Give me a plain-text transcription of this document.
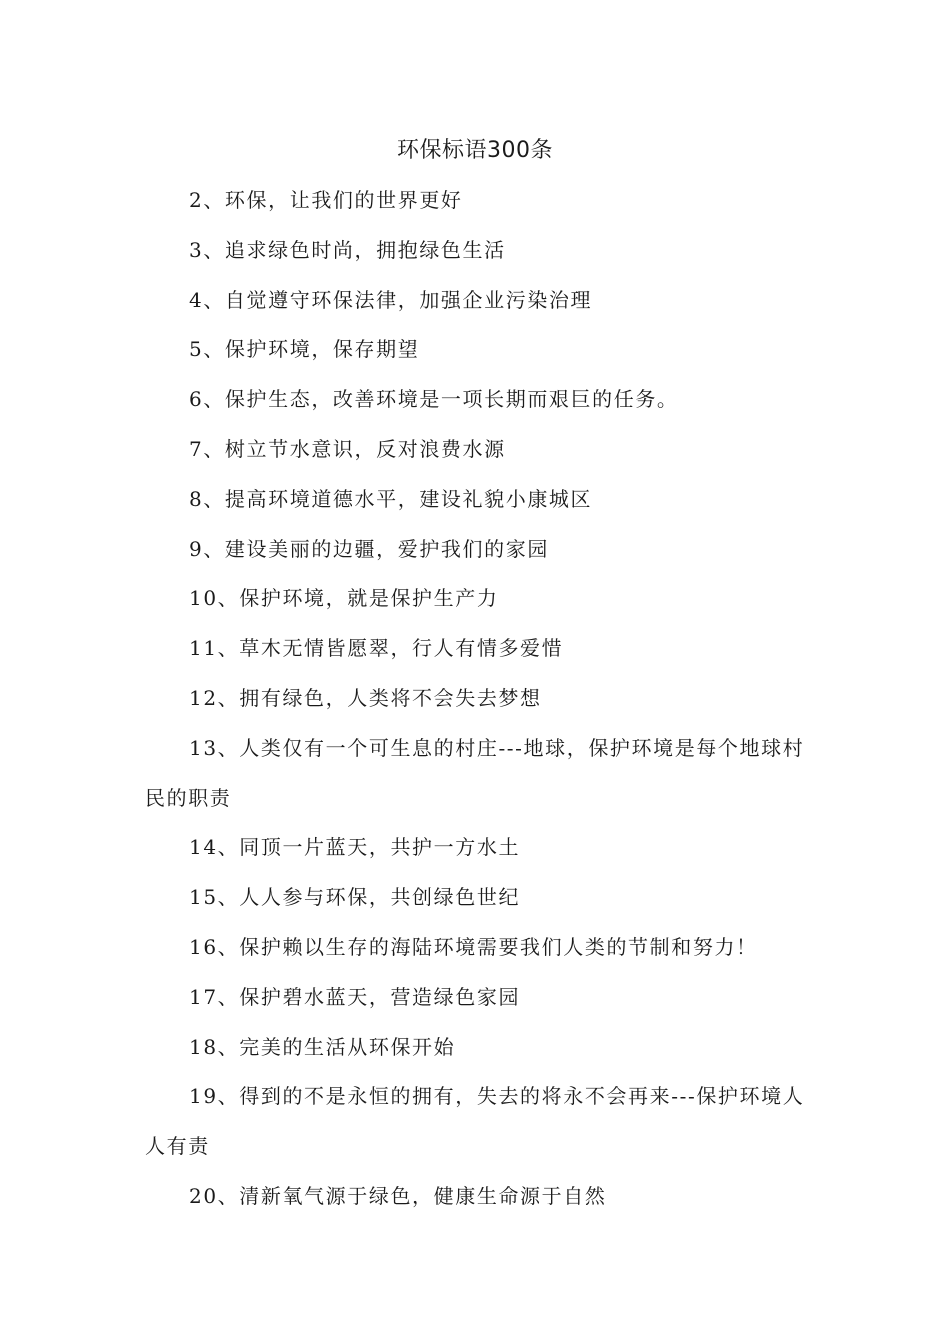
环保标语300条

2、环保，让我们的世界更好

3、追求绿色时尚，拥抱绿色生活

4、自觉遵守环保法律，加强企业污染治理

5、保护环境，保存期望

6、保护生态，改善环境是一项长期而艰巨的任务。

7、树立节水意识，反对浪费水源

8、提高环境道德水平，建设礼貌小康城区

9、建设美丽的边疆，爱护我们的家园

10、保护环境，就是保护生产力

11、草木无情皆愿翠，行人有情多爱惜

12、拥有绿色，人类将不会失去梦想

13、人类仅有一个可生息的村庄---地球，保护环境是每个地球村民的职责

14、同顶一片蓝天，共护一方水土

15、人人参与环保，共创绿色世纪

16、保护赖以生存的海陆环境需要我们人类的节制和努力！

17、保护碧水蓝天，营造绿色家园

18、完美的生活从环保开始

19、得到的不是永恒的拥有，失去的将永不会再来---保护环境人人有责

20、清新氧气源于绿色，健康生命源于自然
